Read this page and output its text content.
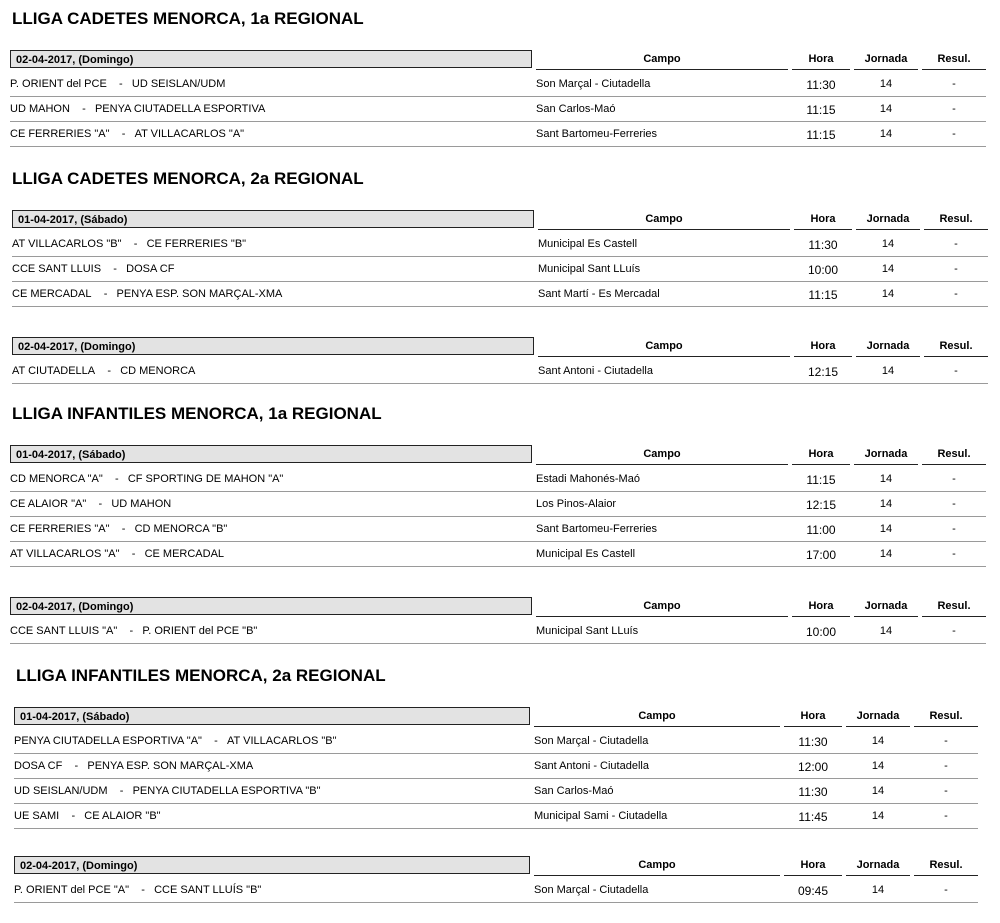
LLIGA CADETES MENORCA, 1a REGIONAL
02-04-2017, (Domingo)	Campo	Hora	Jornada	Resul.
P. ORIENT del PCE    -   UD SEISLAN/UDM	Son Marçal - Ciutadella	11:30	14	-
UD MAHON    -   PENYA CIUTADELLA ESPORTIVA	San Carlos-Maó	11:15	14	-
CE FERRERIES "A"    -   AT VILLACARLOS "A"	Sant Bartomeu-Ferreries	11:15	14	-
LLIGA CADETES MENORCA, 2a REGIONAL
01-04-2017, (Sábado)	Campo	Hora	Jornada	Resul.
AT VILLACARLOS "B"    -   CE FERRERIES "B"	Municipal Es Castell	11:30	14	-
CCE SANT LLUIS    -   DOSA CF	Municipal Sant LLuís	10:00	14	-
CE MERCADAL    -   PENYA ESP. SON MARÇAL-XMA	Sant Martí - Es Mercadal	11:15	14	-
02-04-2017, (Domingo)	Campo	Hora	Jornada	Resul.
AT CIUTADELLA    -   CD MENORCA	Sant Antoni - Ciutadella	12:15	14	-
LLIGA INFANTILES MENORCA, 1a REGIONAL
01-04-2017, (Sábado)	Campo	Hora	Jornada	Resul.
CD MENORCA "A"    -   CF SPORTING DE MAHON "A"	Estadi Mahonés-Maó	11:15	14	-
CE ALAIOR "A"    -   UD MAHON	Los Pinos-Alaior	12:15	14	-
CE FERRERIES "A"    -   CD MENORCA "B"	Sant Bartomeu-Ferreries	11:00	14	-
AT VILLACARLOS "A"    -   CE MERCADAL	Municipal Es Castell	17:00	14	-
02-04-2017, (Domingo)	Campo	Hora	Jornada	Resul.
CCE SANT LLUIS "A"    -   P. ORIENT del PCE "B"	Municipal Sant LLuís	10:00	14	-
LLIGA INFANTILES MENORCA, 2a REGIONAL
01-04-2017, (Sábado)	Campo	Hora	Jornada	Resul.
PENYA CIUTADELLA ESPORTIVA "A"    -   AT VILLACARLOS "B"	Son Marçal - Ciutadella	11:30	14	-
DOSA CF    -   PENYA ESP. SON MARÇAL-XMA	Sant Antoni - Ciutadella	12:00	14	-
UD SEISLAN/UDM    -   PENYA CIUTADELLA ESPORTIVA "B"	San Carlos-Maó	11:30	14	-
UE SAMI    -   CE ALAIOR "B"	Municipal Sami - Ciutadella	11:45	14	-
02-04-2017, (Domingo)	Campo	Hora	Jornada	Resul.
P. ORIENT del PCE "A"    -   CCE SANT LLUÍS "B"	Son Marçal - Ciutadella	09:45	14	-
